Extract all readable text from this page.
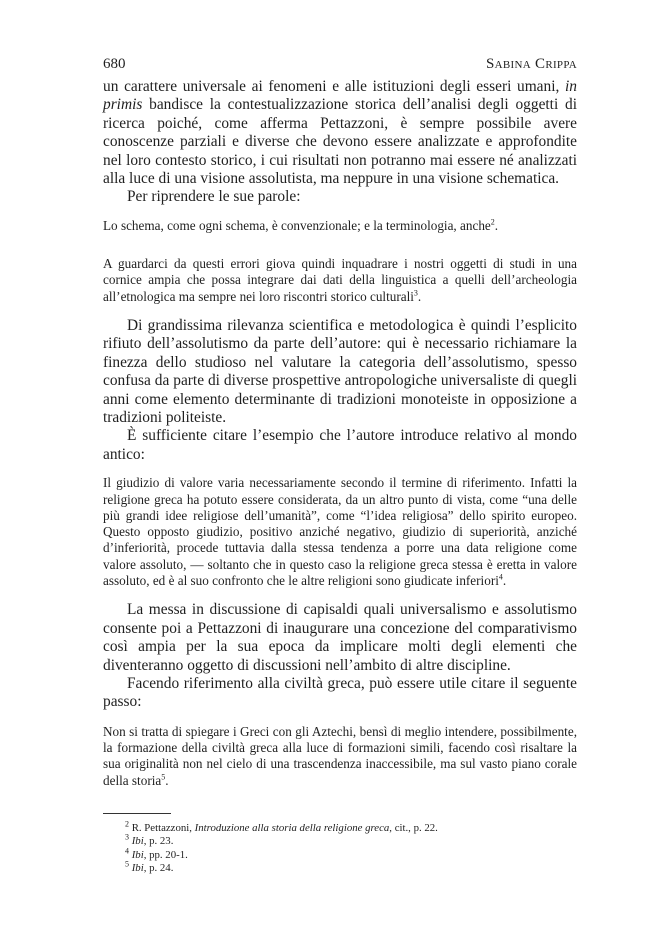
680	Sabina Crippa

un carattere universale ai fenomeni e alle istituzioni degli esseri umani, in primis bandisce la contestualizzazione storica dell’analisi degli oggetti di ricerca poiché, come afferma Pettazzoni, è sempre possibile avere conoscenze parziali e diverse che devono essere analizzate e approfondite nel loro contesto storico, i cui risultati non potranno mai essere né analizzati alla luce di una visione assolutista, ma neppure in una visione schematica.

Per riprendere le sue parole:

Lo schema, come ogni schema, è convenzionale; e la terminologia, anche$^2$.

A guardarci da questi errori giova quindi inquadrare i nostri oggetti di studi in una cornice ampia che possa integrare dai dati della linguistica a quelli dell’archeologia all’etnologica ma sempre nei loro riscontri storico culturali$^3$.

Di grandissima rilevanza scientifica e metodologica è quindi l’esplicito rifiuto dell’assolutismo da parte dell’autore: qui è necessario richiamare la finezza dello studioso nel valutare la categoria dell’assolutismo, spesso confusa da parte di diverse prospettive antropologiche universaliste di quegli anni come elemento determinante di tradizioni monoteiste in opposizione a tradizioni politeiste.

È sufficiente citare l’esempio che l’autore introduce relativo al mondo antico:

Il giudizio di valore varia necessariamente secondo il termine di riferimento. Infatti la religione greca ha potuto essere considerata, da un altro punto di vista, come “una delle più grandi idee religiose dell’umanità”, come “l’idea religiosa” dello spirito europeo. Questo opposto giudizio, positivo anziché negativo, giudizio di superiorità, anziché d’inferiorità, procede tuttavia dalla stessa tendenza a porre una data religione come valore assoluto, — soltanto che in questo caso la religione greca stessa è eretta in valore assoluto, ed è al suo confronto che le altre religioni sono giudicate inferiori$^4$.

La messa in discussione di capisaldi quali universalismo e assolutismo consente poi a Pettazzoni di inaugurare una concezione del comparativismo così ampia per la sua epoca da implicare molti degli elementi che diventeranno oggetto di discussioni nell’ambito di altre discipline.

Facendo riferimento alla civiltà greca, può essere utile citare il seguente passo:

Non si tratta di spiegare i Greci con gli Aztechi, bensì di meglio intendere, possibilmente, la formazione della civiltà greca alla luce di formazioni simili, facendo così risaltare la sua originalità non nel cielo di una trascendenza inaccessibile, ma sul vasto piano corale della storia$^5$.

$^2$ R. Pettazzoni, Introduzione alla storia della religione greca, cit., p. 22.

$^3$ Ibi, p. 23.

$^4$ Ibi, pp. 20-1.

$^5$ Ibi, p. 24.
